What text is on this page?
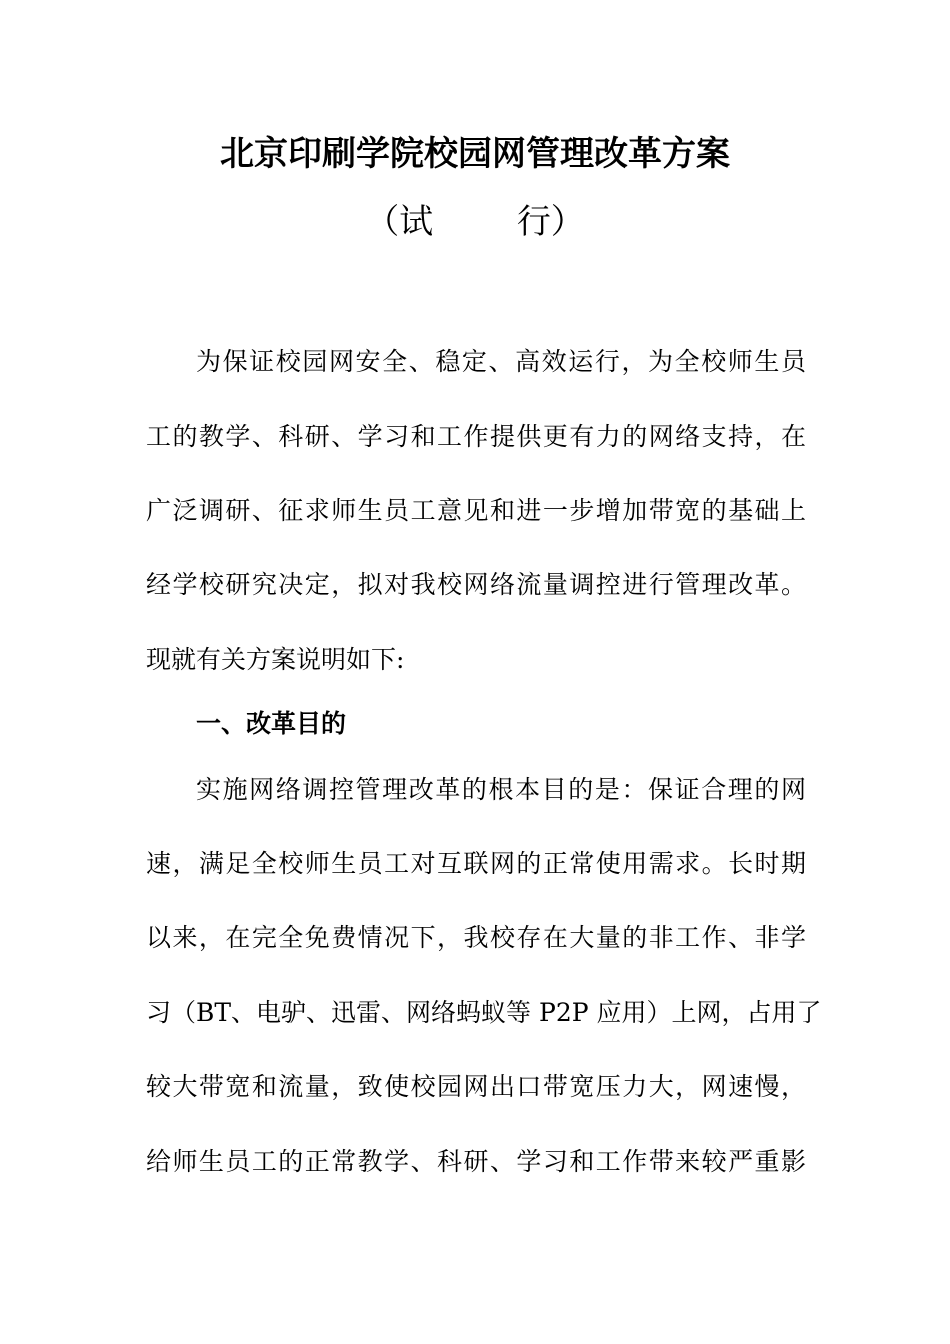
北京印刷学院校园网管理改革方案
（试 行）
为保证校园网安全、稳定、高效运行，为全校师生员
工的教学、科研、学习和工作提供更有力的网络支持，在
广泛调研、征求师生员工意见和进一步增加带宽的基础上
经学校研究决定，拟对我校网络流量调控进行管理改革。
现就有关方案说明如下:
一、改革目的
实施网络调控管理改革的根本目的是：保证合理的网
速，满足全校师生员工对互联网的正常使用需求。长时期
以来，在完全免费情况下，我校存在大量的非工作、非学
习（BT、电驴、迅雷、网络蚂蚁等 P2P 应用）上网，占用了
较大带宽和流量，致使校园网出口带宽压力大，网速慢，
给师生员工的正常教学、科研、学习和工作带来较严重影
